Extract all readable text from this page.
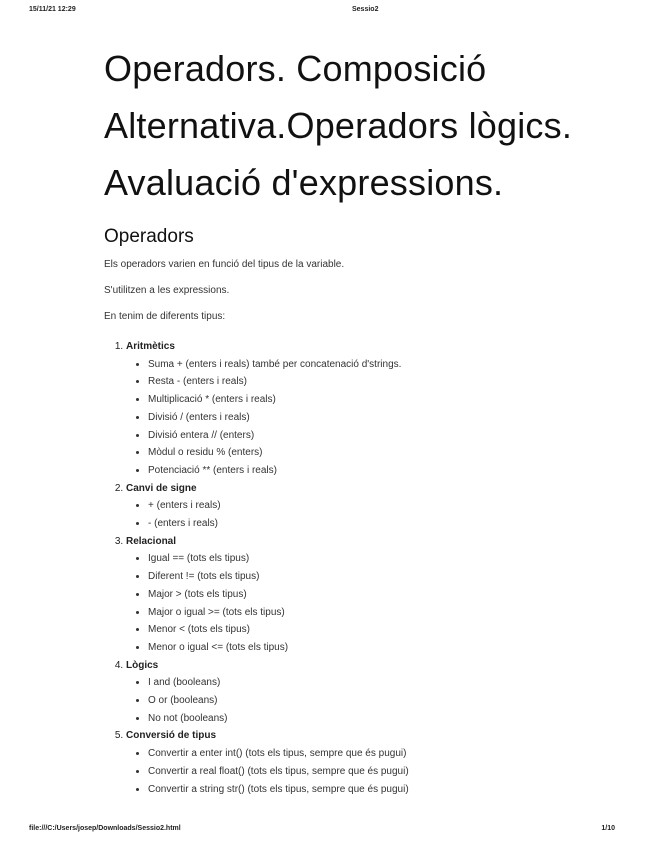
15/11/21 12:29	Sessio2
Operadors. Composició
Alternativa.Operadors lògics.
Avaluació d'expressions.
Operadors

Els operadors varien en funció del tipus de la variable.

S'utilitzen a les expressions.

En tenim de diferents tipus:

1. Aritmètics
• Suma + (enters i reals) també per concatenació d'strings.
• Resta - (enters i reals)
• Multiplicació * (enters i reals)
• Divisió / (enters i reals)
• Divisió entera // (enters)
• Mòdul o residu % (enters)
• Potenciació ** (enters i reals)
2. Canvi de signe
• + (enters i reals)
• - (enters i reals)
3. Relacional
• Igual == (tots els tipus)
• Diferent != (tots els tipus)
• Major > (tots els tipus)
• Major o igual >= (tots els tipus)
• Menor < (tots els tipus)
• Menor o igual <= (tots els tipus)
4. Lògics
• I and (booleans)
• O or (booleans)
• No not (booleans)
5. Conversió de tipus
• Convertir a enter int() (tots els tipus, sempre que és pugui)
• Convertir a real float() (tots els tipus, sempre que és pugui)
• Convertir a string str() (tots els tipus, sempre que és pugui)
file:///C:/Users/josep/Downloads/Sessio2.html	1/10
